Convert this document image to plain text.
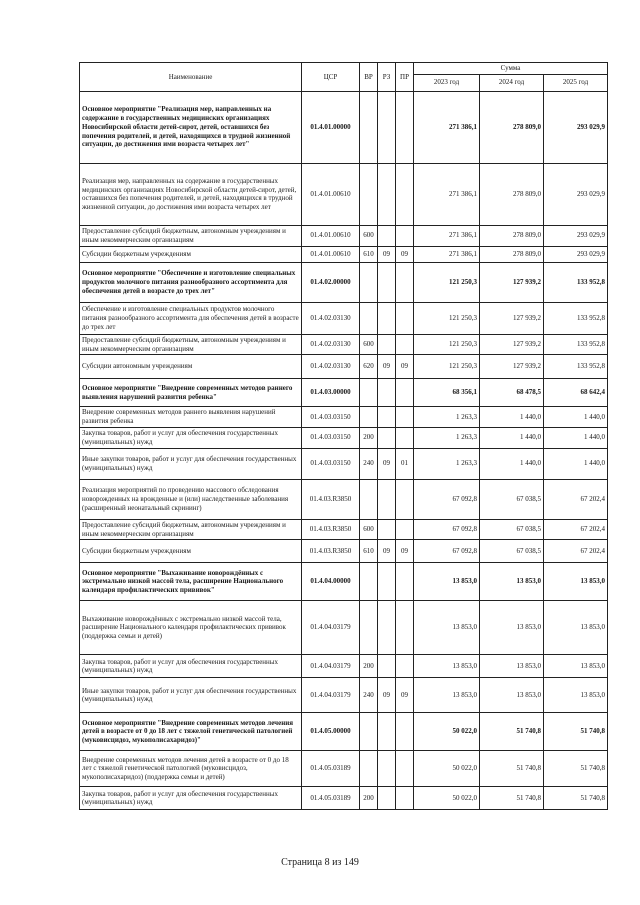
Наименование	ЦСР	ВР	РЗ	ПР	Сумма		
					2023 год	2024 год	2025 год
Основное мероприятие "Реализация мер, направленных на содержание в государственных медицинских организациях Новосибирской области детей-сирот, детей, оставшихся без попечения родителей, и детей, находящихся в трудной жизненной ситуации, до достижения ими возраста четырех лет"	01.4.01.00000				271 386,1	278 809,0	293 029,9
Реализация мер, направленных на содержание в государственных медицинских организациях Новосибирской области детей-сирот, детей, оставшихся без попечения родителей, и детей, находящихся в трудной жизненной ситуации, до достижения ими возраста четырех лет	01.4.01.00610				271 386,1	278 809,0	293 029,9
Предоставление субсидий бюджетным, автономным учреждениям и иным некоммерческим организациям	01.4.01.00610	600			271 386,1	278 809,0	293 029,9
Субсидии бюджетным учреждениям	01.4.01.00610	610	09	09	271 386,1	278 809,0	293 029,9
Основное мероприятие "Обеспечение и изготовление специальных продуктов молочного питания разнообразного ассортимента для обеспечения детей в возрасте до трех лет"	01.4.02.00000				121 250,3	127 939,2	133 952,8
Обеспечение и изготовление специальных продуктов молочного питания разнообразного ассортимента для обеспечения детей в возрасте до трех лет	01.4.02.03130				121 250,3	127 939,2	133 952,8
Предоставление субсидий бюджетным, автономным учреждениям и иным некоммерческим организациям	01.4.02.03130	600			121 250,3	127 939,2	133 952,8
Субсидии автономным учреждениям	01.4.02.03130	620	09	09	121 250,3	127 939,2	133 952,8
Основное мероприятие "Внедрение современных методов раннего выявления нарушений развития ребенка"	01.4.03.00000				68 356,1	68 478,5	68 642,4
Внедрение современных методов раннего выявления нарушений развития ребенка	01.4.03.03150				1 263,3	1 440,0	1 440,0
Закупка товаров, работ и услуг для обеспечения государственных (муниципальных) нужд	01.4.03.03150	200			1 263,3	1 440,0	1 440,0
Иные закупки товаров, работ и услуг для обеспечения государственных (муниципальных) нужд	01.4.03.03150	240	09	01	1 263,3	1 440,0	1 440,0
Реализация мероприятий по проведению массового обследования новорожденных на врожденные и (или) наследственные заболевания (расширенный неонатальный скрининг)	01.4.03.R3850				67 092,8	67 038,5	67 202,4
Предоставление субсидий бюджетным, автономным учреждениям и иным некоммерческим организациям	01.4.03.R3850	600			67 092,8	67 038,5	67 202,4
Субсидии бюджетным учреждениям	01.4.03.R3850	610	09	09	67 092,8	67 038,5	67 202,4
Основное мероприятие "Выхаживание новорождённых с экстремально низкой массой тела, расширение Национального календаря профилактических прививок"	01.4.04.00000				13 853,0	13 853,0	13 853,0
Выхаживание новорождённых с экстремально низкой массой тела, расширение Национального календаря профилактических прививок (поддержка семьи и детей)	01.4.04.03179				13 853,0	13 853,0	13 853,0
Закупка товаров, работ и услуг для обеспечения государственных (муниципальных) нужд	01.4.04.03179	200			13 853,0	13 853,0	13 853,0
Иные закупки товаров, работ и услуг для обеспечения государственных (муниципальных) нужд	01.4.04.03179	240	09	09	13 853,0	13 853,0	13 853,0
Основное мероприятие "Внедрение современных методов лечения детей в возрасте от 0 до 18 лет с тяжелой генетической патологией (муковисцидоз, мукополисахаридоз)"	01.4.05.00000				50 022,0	51 740,8	51 740,8
Внедрение современных методов лечения детей в возрасте от 0 до 18 лет с тяжелой генетической патологией (муковисцидоз, мукополисахаридоз) (поддержка семьи и детей)	01.4.05.03189				50 022,0	51 740,8	51 740,8
Закупка товаров, работ и услуг для обеспечения государственных (муниципальных) нужд	01.4.05.03189	200			50 022,0	51 740,8	51 740,8
Страница 8 из 149
